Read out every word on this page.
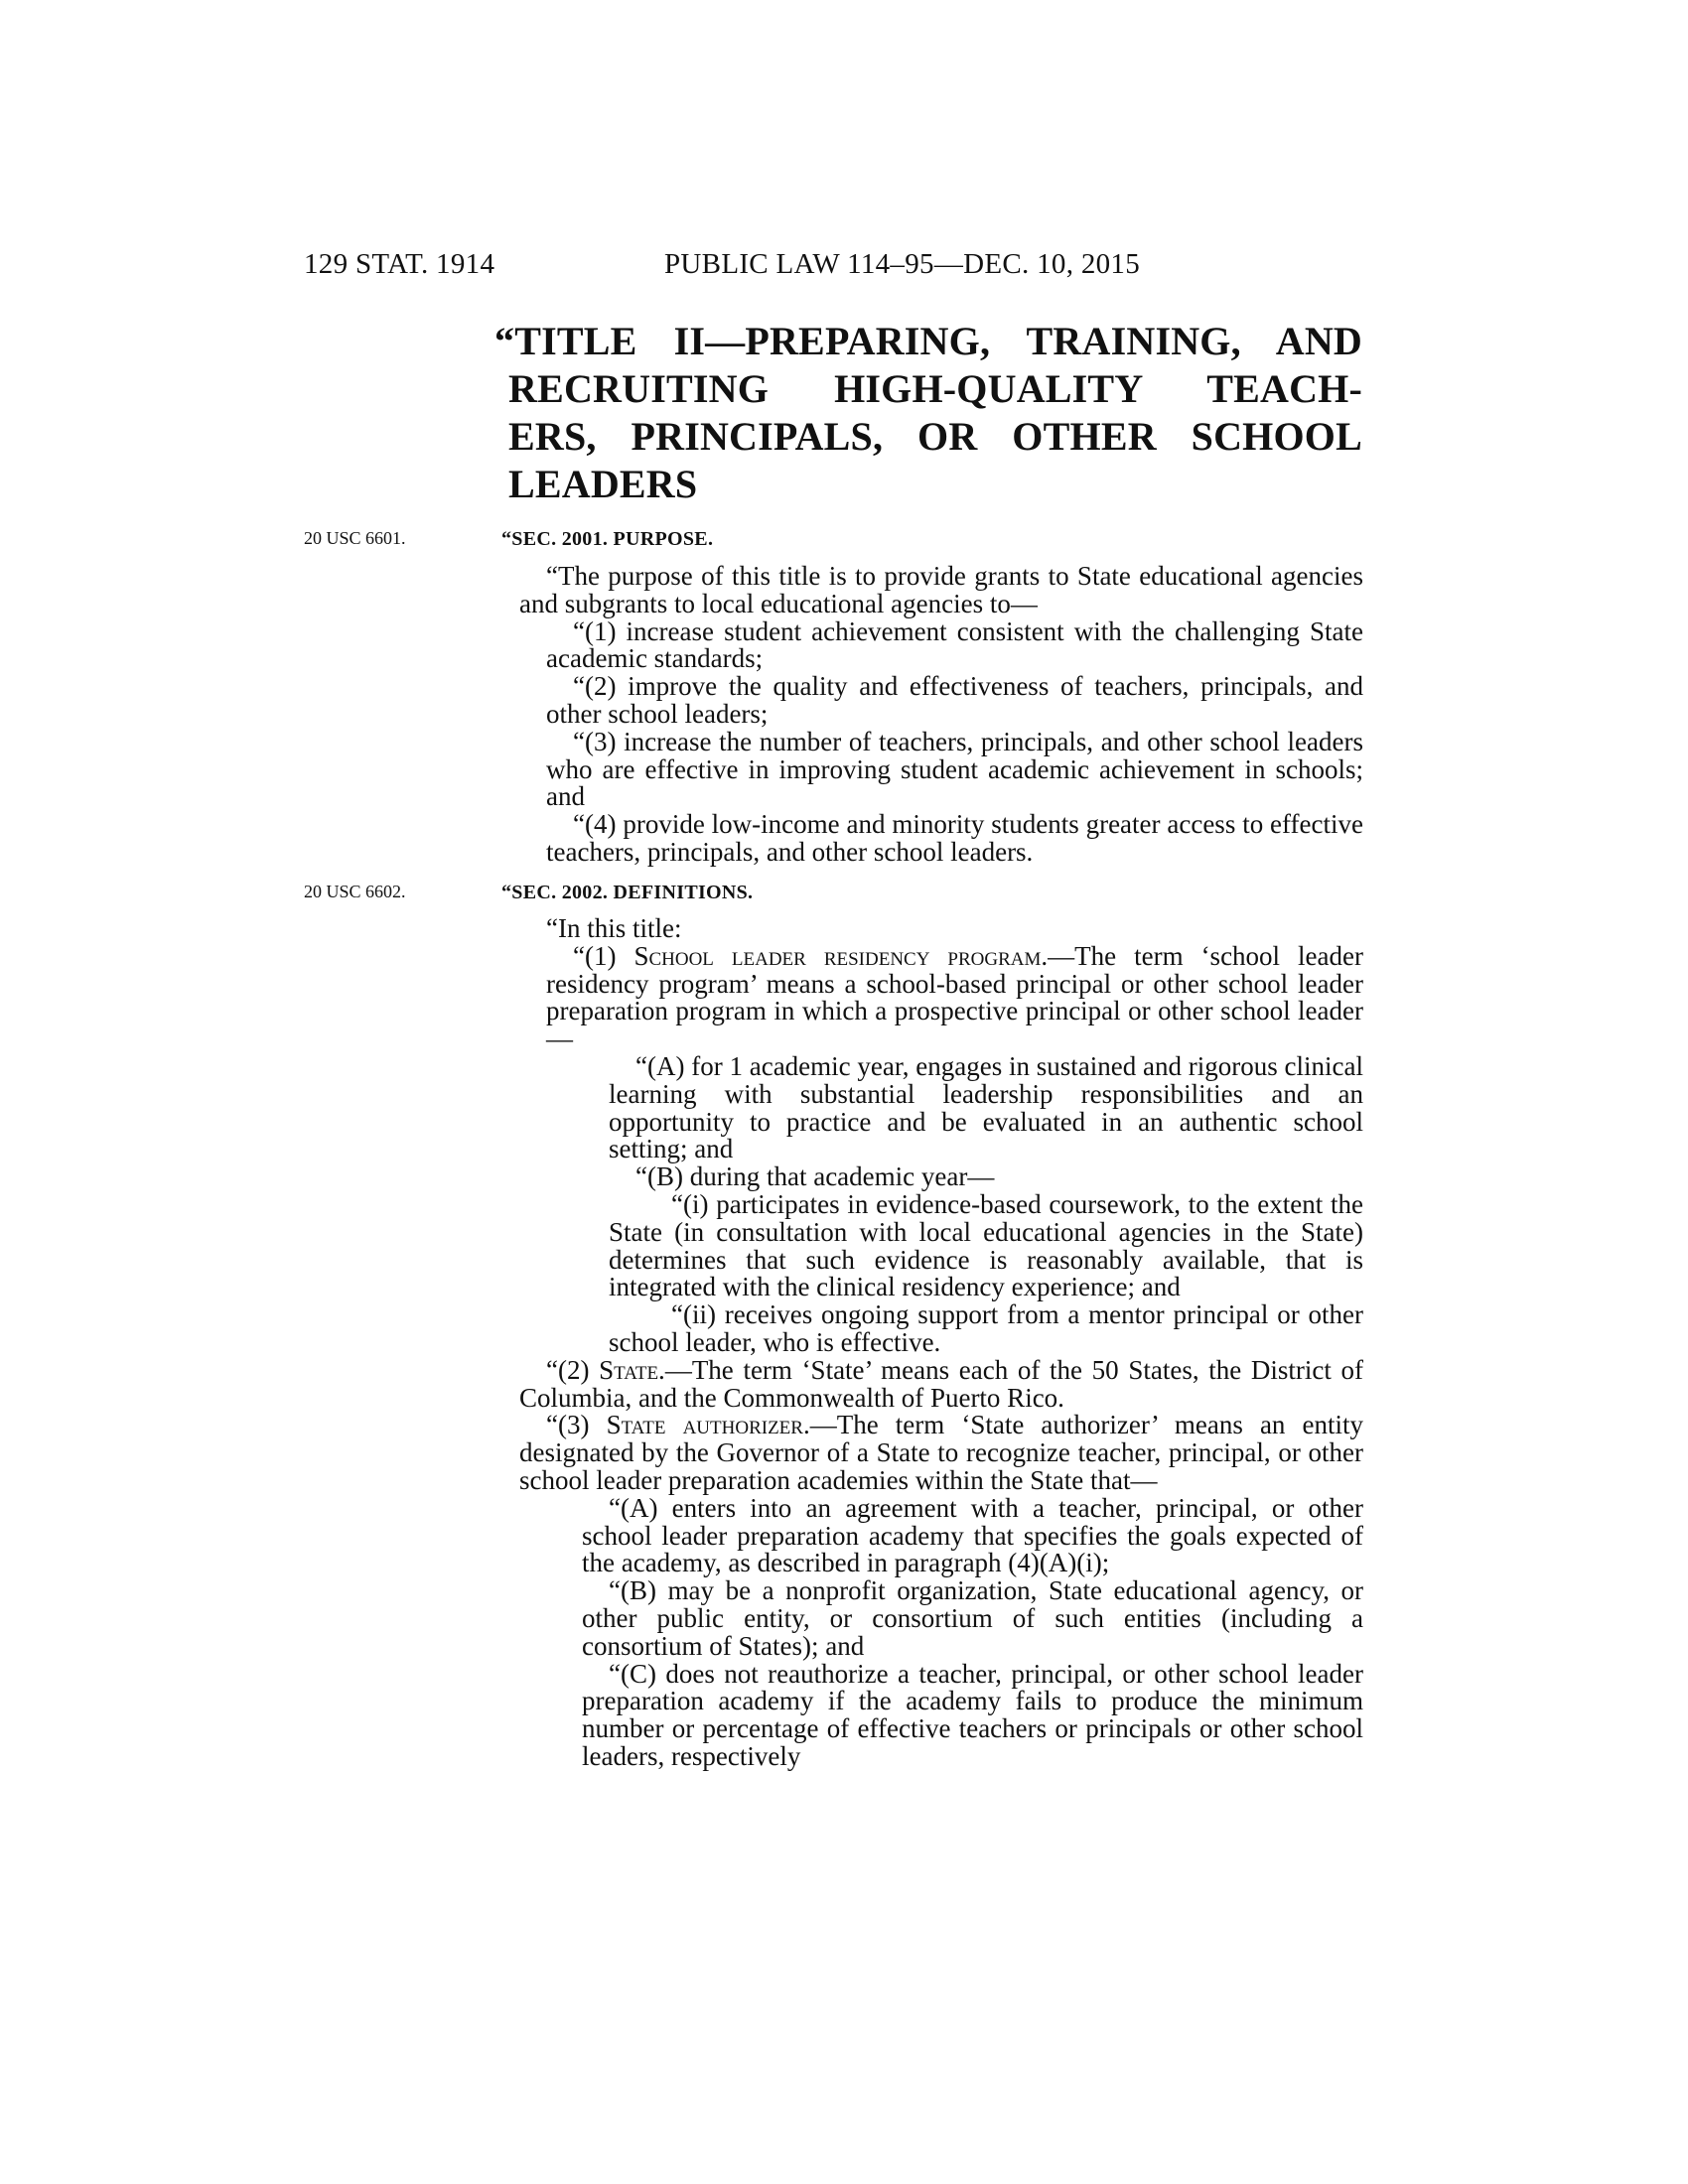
129 STAT. 1914	PUBLIC LAW 114–95—DEC. 10, 2015
“TITLE II—PREPARING, TRAINING, AND
RECRUITING HIGH-QUALITY TEACH-
ERS, PRINCIPALS, OR OTHER SCHOOL
LEADERS
20 USC 6601.	“SEC. 2001. PURPOSE.

“The purpose of this title is to provide grants to State educational agencies and subgrants to local educational agencies to—

“(1) increase student achievement consistent with the challenging State academic standards;

“(2) improve the quality and effectiveness of teachers, principals, and other school leaders;

“(3) increase the number of teachers, principals, and other school leaders who are effective in improving student academic achievement in schools; and

“(4) provide low-income and minority students greater access to effective teachers, principals, and other school leaders.

20 USC 6602.	“SEC. 2002. DEFINITIONS.

“In this title:

“(1) School leader residency program.—The term ‘school leader residency program’ means a school-based principal or other school leader preparation program in which a prospective principal or other school leader—

“(A) for 1 academic year, engages in sustained and rigorous clinical learning with substantial leadership responsibilities and an opportunity to practice and be evaluated in an authentic school setting; and

“(B) during that academic year—

“(i) participates in evidence-based coursework, to the extent the State (in consultation with local educational agencies in the State) determines that such evidence is reasonably available, that is integrated with the clinical residency experience; and

“(ii) receives ongoing support from a mentor principal or other school leader, who is effective.

“(2) State.—The term ‘State’ means each of the 50 States, the District of Columbia, and the Commonwealth of Puerto Rico.

“(3) State authorizer.—The term ‘State authorizer’ means an entity designated by the Governor of a State to recognize teacher, principal, or other school leader preparation academies within the State that—

“(A) enters into an agreement with a teacher, principal, or other school leader preparation academy that specifies the goals expected of the academy, as described in paragraph (4)(A)(i);

“(B) may be a nonprofit organization, State educational agency, or other public entity, or consortium of such entities (including a consortium of States); and

“(C) does not reauthorize a teacher, principal, or other school leader preparation academy if the academy fails to produce the minimum number or percentage of effective teachers or principals or other school leaders, respectively
